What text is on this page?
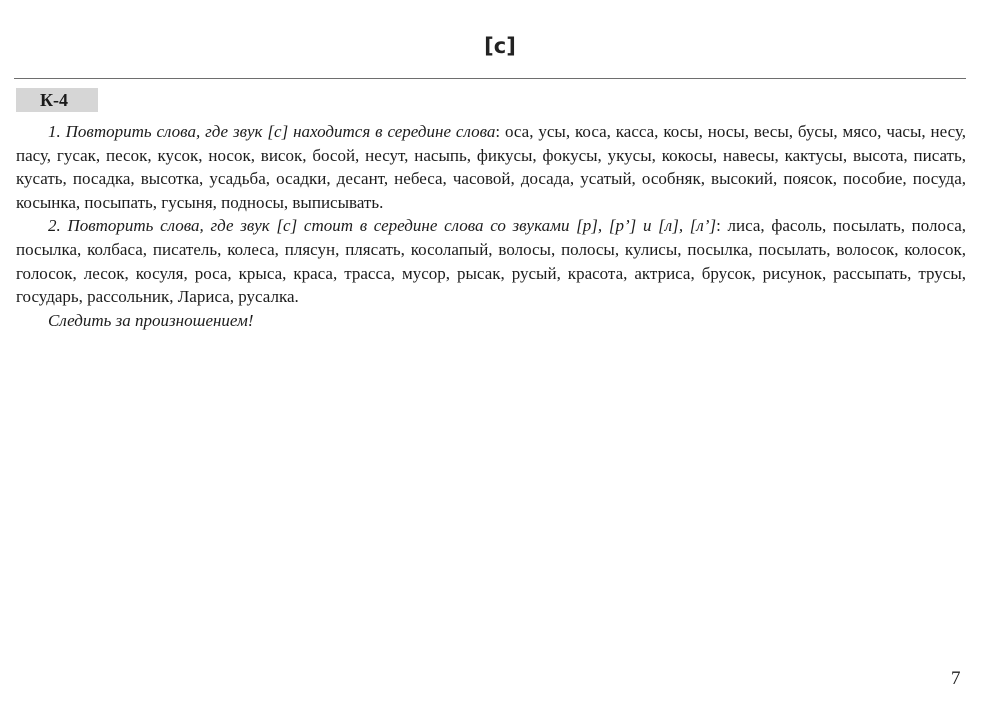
[с]
К-4

1. Повторить слова, где звук [с] находится в середине слова: оса, усы, коса, касса, косы, носы, весы, бусы, мясо, часы, несу, пасу, гусак, песок, кусок, носок, висок, босой, несут, насыпь, фикусы, фокусы, укусы, кокосы, навесы, кактусы, высота, писать, кусать, посадка, высотка, усадьба, осадки, десант, небеса, часовой, досада, усатый, особняк, высокий, поясок, пособие, посуда, косынка, посыпать, гусыня, подносы, выписывать.

2. Повторить слова, где звук [с] стоит в середине слова со звуками [р], [р’] и [л], [л’]: лиса, фасоль, посылать, полоса, посылка, колбаса, писатель, колеса, плясун, плясать, косолапый, волосы, полосы, кулисы, посылка, посылать, волосок, колосок, голосок, лесок, косуля, роса, крыса, краса, трасса, мусор, рысак, русый, красота, актриса, брусок, рисунок, рассыпать, трусы, государь, рассольник, Лариса, русалка.

Следить за произношением!

7
